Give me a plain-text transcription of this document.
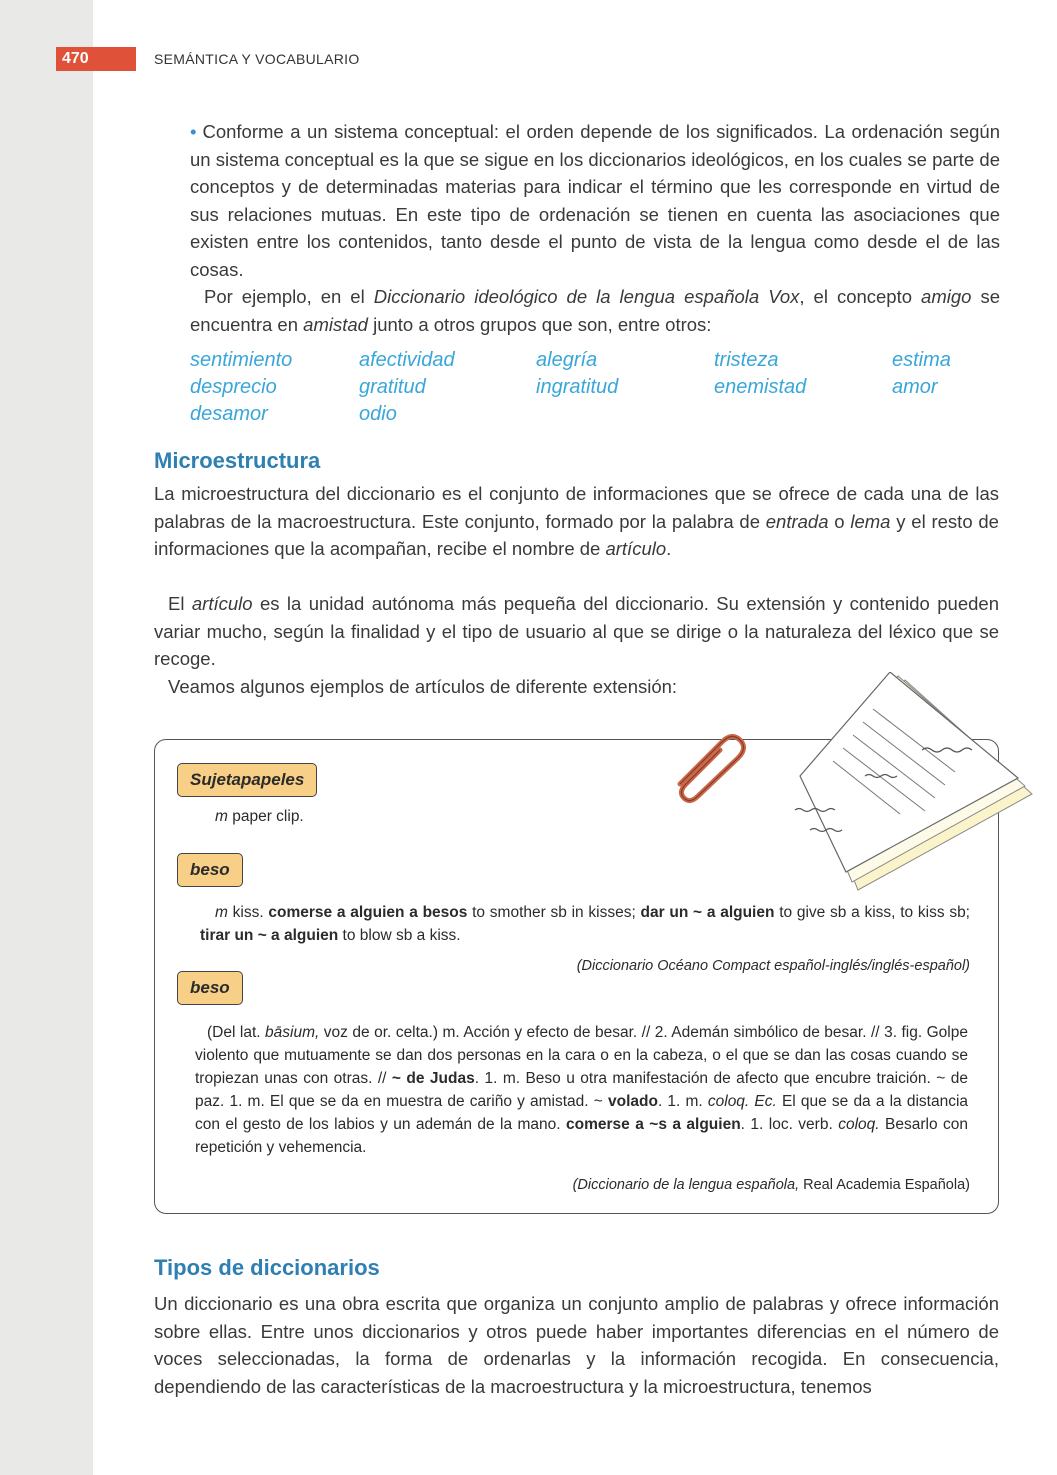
470	SEMÁNTICA Y VOCABULARIO

• Conforme a un sistema conceptual: el orden depende de los significados. La ordenación según un sistema conceptual es la que se sigue en los diccionarios ideológicos, en los cuales se parte de conceptos y de determinadas materias para indicar el término que les corresponde en virtud de sus relaciones mutuas. En este tipo de ordenación se tienen en cuenta las asociaciones que existen entre los contenidos, tanto desde el punto de vista de la lengua como desde el de las cosas.

Por ejemplo, en el Diccionario ideológico de la lengua española Vox, el concepto amigo se encuentra en amistad junto a otros grupos que son, entre otros:

sentimiento	afectividad	alegría	tristeza	estima
desprecio	gratitud	ingratitud	enemistad	amor
desamor	odio
Microestructura

La microestructura del diccionario es el conjunto de informaciones que se ofrece de cada una de las palabras de la macroestructura. Este conjunto, formado por la palabra de entrada o lema y el resto de informaciones que la acompañan, recibe el nombre de artículo.

El artículo es la unidad autónoma más pequeña del diccionario. Su extensión y contenido pueden variar mucho, según la finalidad y el tipo de usuario al que se dirige o la naturaleza del léxico que se recoge.

Veamos algunos ejemplos de artículos de diferente extensión:

Sujetapapeles
m paper clip.
beso
m kiss. comerse a alguien a besos to smother sb in kisses; dar un ~ a alguien to give sb a kiss, to kiss sb; tirar un ~ a alguien to blow sb a kiss.
(Diccionario Océano Compact español-inglés/inglés-español)
beso
(Del lat. bāsium, voz de or. celta.) m. Acción y efecto de besar. // 2. Ademán simbólico de besar. // 3. fig. Golpe violento que mutuamente se dan dos personas en la cara o en la cabeza, o el que se dan las cosas cuando se tropiezan unas con otras. // ~ de Judas. 1. m. Beso u otra manifestación de afecto que encubre traición. ~ de paz. 1. m. El que se da en muestra de cariño y amistad. ~ volado. 1. m. coloq. Ec. El que se da a la distancia con el gesto de los labios y un ademán de la mano. comerse a ~s a alguien. 1. loc. verb. coloq. Besarlo con repetición y vehemencia.
(Diccionario de la lengua española, Real Academia Española)
Tipos de diccionarios

Un diccionario es una obra escrita que organiza un conjunto amplio de palabras y ofrece información sobre ellas. Entre unos diccionarios y otros puede haber importantes diferencias en el número de voces seleccionadas, la forma de ordenarlas y la información recogida. En consecuencia, dependiendo de las características de la macroestructura y la microestructura, tenemos
